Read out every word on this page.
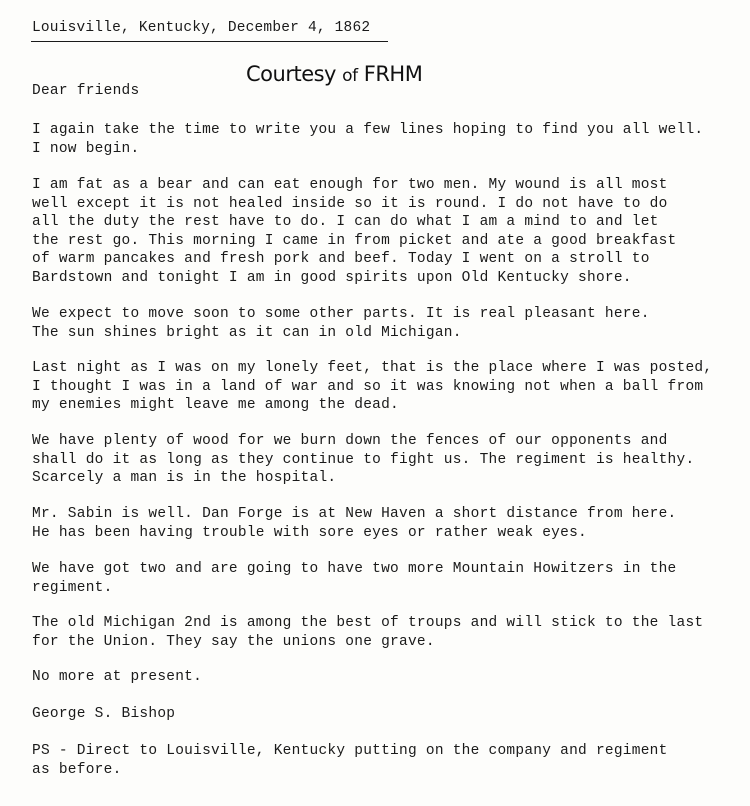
Louisville, Kentucky, December 4, 1862
Courtesy of FRHM
Dear friends
I again take the time to write you a few lines hoping to find you all well.
I now begin.
I am fat as a bear and can eat enough for two men. My wound is all most
well except it is not healed inside so it is round. I do not have to do
all the duty the rest have to do. I can do what I am a mind to and let
the rest go. This morning I came in from picket and ate a good breakfast
of warm pancakes and fresh pork and beef. Today I went on a stroll to
Bardstown and tonight I am in good spirits upon Old Kentucky shore.
We expect to move soon to some other parts. It is real pleasant here.
The sun shines bright as it can in old Michigan.
Last night as I was on my lonely feet, that is the place where I was posted,
I thought I was in a land of war and so it was knowing not when a ball from
my enemies might leave me among the dead.
We have plenty of wood for we burn down the fences of our opponents and
shall do it as long as they continue to fight us. The regiment is healthy.
Scarcely a man is in the hospital.
Mr. Sabin is well. Dan Forge is at New Haven a short distance from here.
He has been having trouble with sore eyes or rather weak eyes.
We have got two and are going to have two more Mountain Howitzers in the
regiment.
The old Michigan 2nd is among the best of troups and will stick to the last
for the Union. They say the unions one grave.
No more at present.
George S. Bishop
PS - Direct to Louisville, Kentucky putting on the company and regiment
as before.
